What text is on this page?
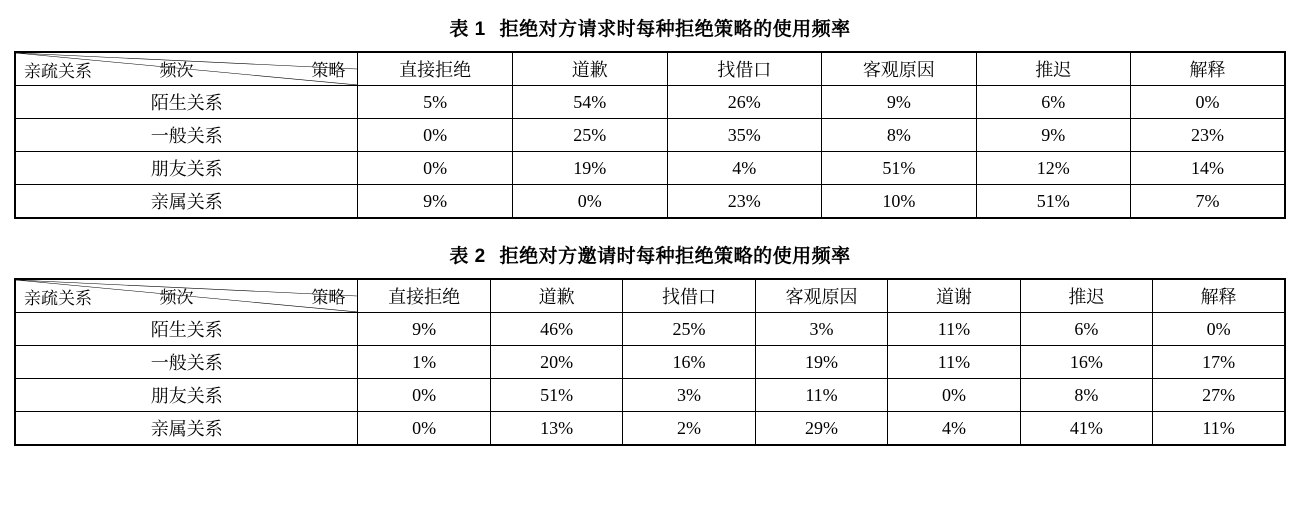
表 1 拒绝对方请求时每种拒绝策略的使用频率
频次 策略
亲疏关系	直接拒绝	道歉	找借口	客观原因	推迟	解释
陌生关系	5%	54%	26%	9%	6%	0%
一般关系	0%	25%	35%	8%	9%	23%
朋友关系	0%	19%	4%	51%	12%	14%
亲属关系	9%	0%	23%	10%	51%	7%
表 2 拒绝对方邀请时每种拒绝策略的使用频率
频次 策略
亲疏关系	直接拒绝	道歉	找借口	客观原因	道谢	推迟	解释
陌生关系	9%	46%	25%	3%	11%	6%	0%
一般关系	1%	20%	16%	19%	11%	16%	17%
朋友关系	0%	51%	3%	11%	0%	8%	27%
亲属关系	0%	13%	2%	29%	4%	41%	11%
